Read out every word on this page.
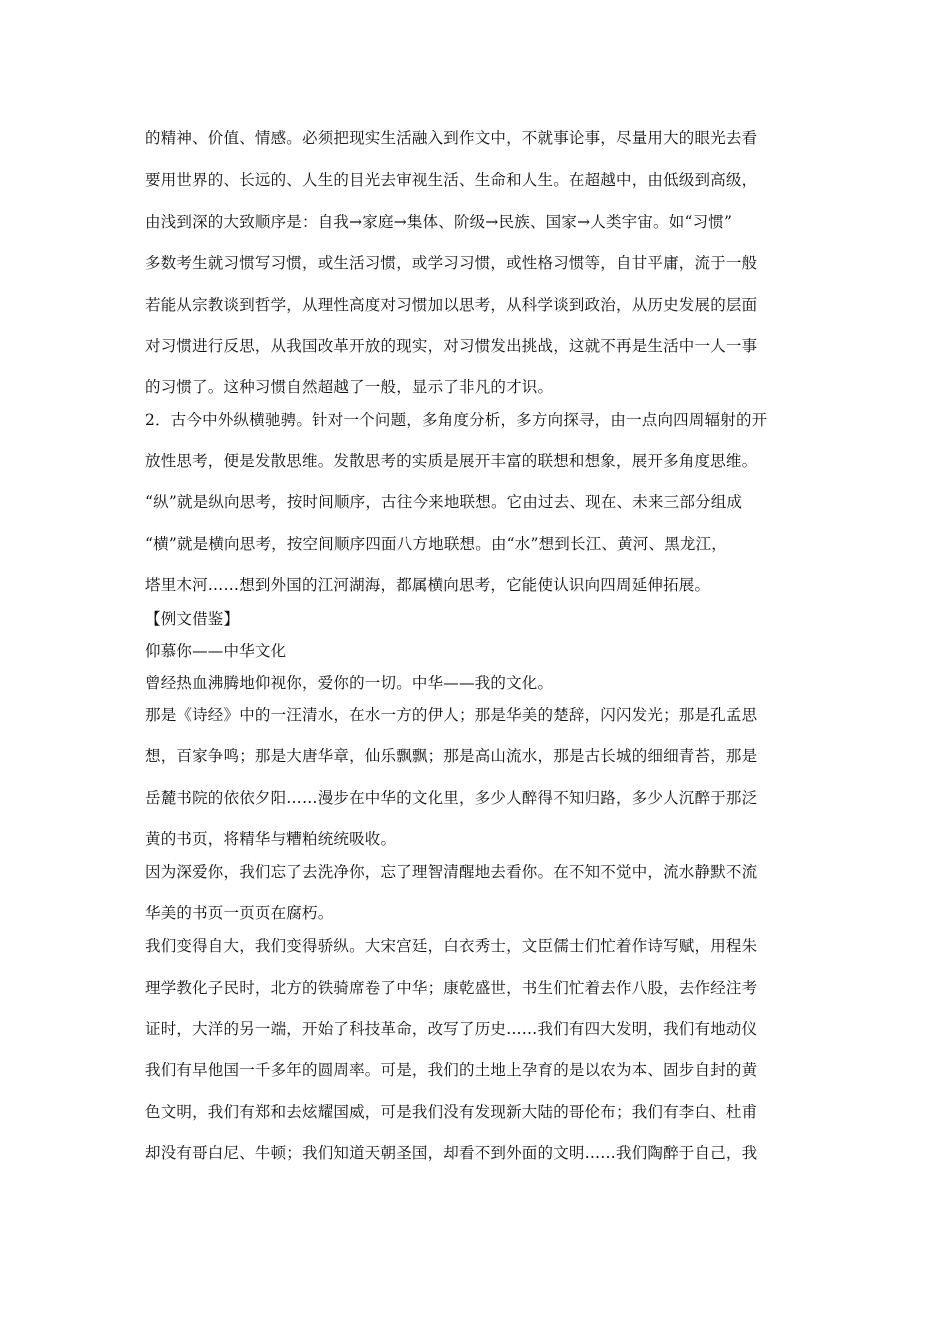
的精神、价值、情感。必须把现实生活融入到作文中，不就事论事，尽量用大的眼光去看
要用世界的、长远的、人生的目光去审视生活、生命和人生。在超越中，由低级到高级，
由浅到深的大致顺序是：自我→家庭→集体、阶级→民族、国家→人类宇宙。如“习惯”
多数考生就习惯写习惯，或生活习惯，或学习习惯，或性格习惯等，自甘平庸，流于一般
若能从宗教谈到哲学，从理性高度对习惯加以思考，从科学谈到政治，从历史发展的层面
对习惯进行反思，从我国改革开放的现实，对习惯发出挑战，这就不再是生活中一人一事
的习惯了。这种习惯自然超越了一般，显示了非凡的才识。
2．古今中外纵横驰骋。针对一个问题，多角度分析，多方向探寻，由一点向四周辐射的开
放性思考，便是发散思维。发散思考的实质是展开丰富的联想和想象，展开多角度思维。
“纵”就是纵向思考，按时间顺序，古往今来地联想。它由过去、现在、未来三部分组成
“横”就是横向思考，按空间顺序四面八方地联想。由“水”想到长江、黄河、黑龙江，
塔里木河……想到外国的江河湖海，都属横向思考，它能使认识向四周延伸拓展。
【例文借鉴】
仰慕你——中华文化
曾经热血沸腾地仰视你，爱你的一切。中华——我的文化。
那是《诗经》中的一汪清水，在水一方的伊人；那是华美的楚辞，闪闪发光；那是孔孟思
想，百家争鸣；那是大唐华章，仙乐飘飘；那是高山流水，那是古长城的细细青苔，那是
岳麓书院的依依夕阳……漫步在中华的文化里，多少人醉得不知归路，多少人沉醉于那泛
黄的书页，将精华与糟粕统统吸收。
因为深爱你，我们忘了去洗净你，忘了理智清醒地去看你。在不知不觉中，流水静默不流
华美的书页一页页在腐朽。
我们变得自大，我们变得骄纵。大宋宫廷，白衣秀士，文臣儒士们忙着作诗写赋，用程朱
理学教化子民时，北方的铁骑席卷了中华；康乾盛世，书生们忙着去作八股，去作经注考
证时，大洋的另一端，开始了科技革命，改写了历史……我们有四大发明，我们有地动仪
我们有早他国一千多年的圆周率。可是，我们的土地上孕育的是以农为本、固步自封的黄
色文明，我们有郑和去炫耀国威，可是我们没有发现新大陆的哥伦布；我们有李白、杜甫
却没有哥白尼、牛顿；我们知道天朝圣国，却看不到外面的文明……我们陶醉于自己，我
